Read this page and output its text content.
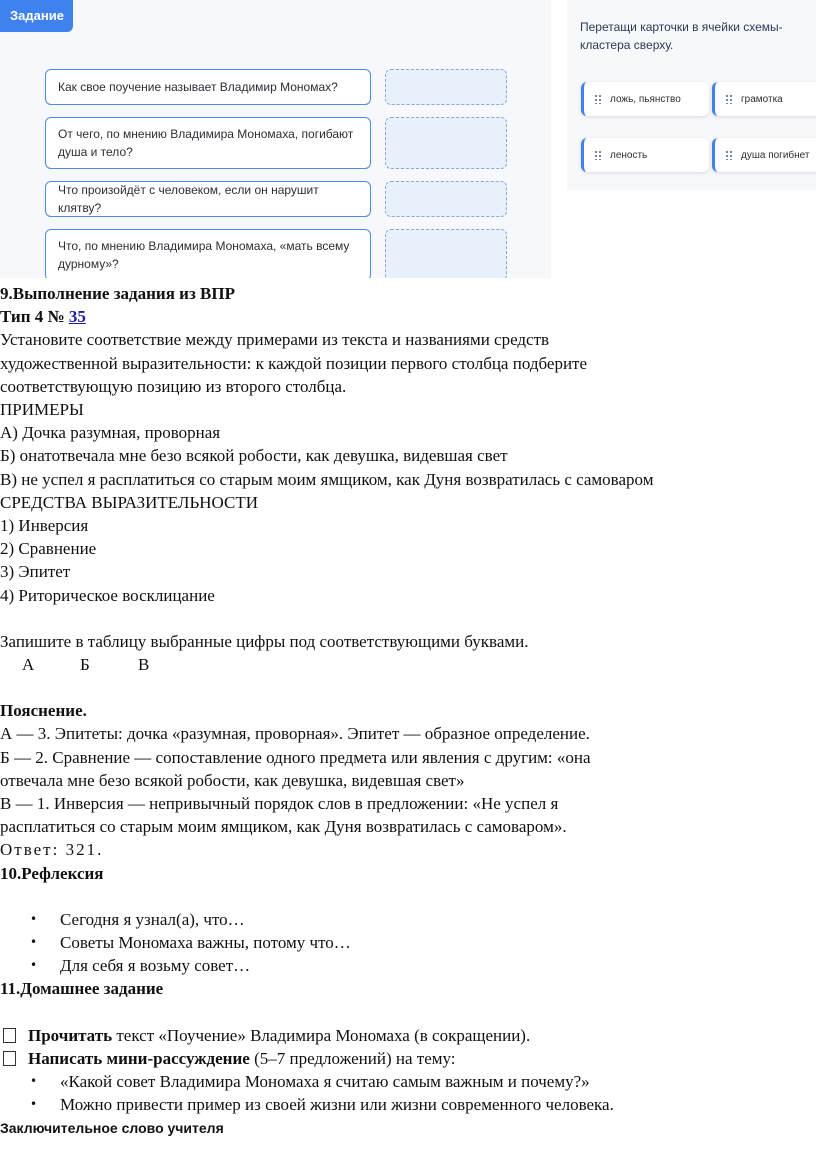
Задание
Как свое поучение называет Владимир Мономах?
От чего, по мнению Владимира Мономаха, погибают душа и тело?
Что произойдёт с человеком, если он нарушит клятву?
Что, по мнению Владимира Мономаха, «мать всему дурному»?
Перетащи карточки в ячейки схемы-кластера сверху.
ложь, пьянство	грамотка
леность	душа погибнет
9.Выполнение задания из ВПР
Тип 4 № 35
Установите соответствие между примерами из текста и названиями средств
художественной выразительности: к каждой позиции первого столбца подберите
соответствующую позицию из второго столбца.
ПРИМЕРЫ
А) Дочка разумная, проворная
Б) онатотвечала мне безо всякой робости, как девушка, видевшая свет
В) не успел я расплатиться со старым моим ямщиком, как Дуня возвратилась с самоваром
СРЕДСТВА ВЫРАЗИТЕЛЬНОСТИ
1) Инверсия
2) Сравнение
3) Эпитет
4) Риторическое восклицание
Запишите в таблицу выбранные цифры под соответствующими буквами.
А	Б	В
Пояснение.
А — 3. Эпитеты: дочка «разумная, проворная». Эпитет — образное определение.
Б — 2. Сравнение — сопоставление одного предмета или явления с другим: «она
отвечала мне безо всякой робости, как девушка, видевшая свет»
В — 1. Инверсия — непривычный порядок слов в предложении: «Не успел я
расплатиться со старым моим ямщиком, как Дуня возвратилась с самоваром».
Ответ: 321.
10.Рефлексия
• Сегодня я узнал(а), что…
• Советы Мономаха важны, потому что…
• Для себя я возьму совет…
11.Домашнее задание
Прочитать текст «Поучение» Владимира Мономаха (в сокращении).
Написать мини-рассуждение (5–7 предложений) на тему:
• «Какой совет Владимира Мономаха я считаю самым важным и почему?»
• Можно привести пример из своей жизни или жизни современного человека.
Заключительное слово учителя
